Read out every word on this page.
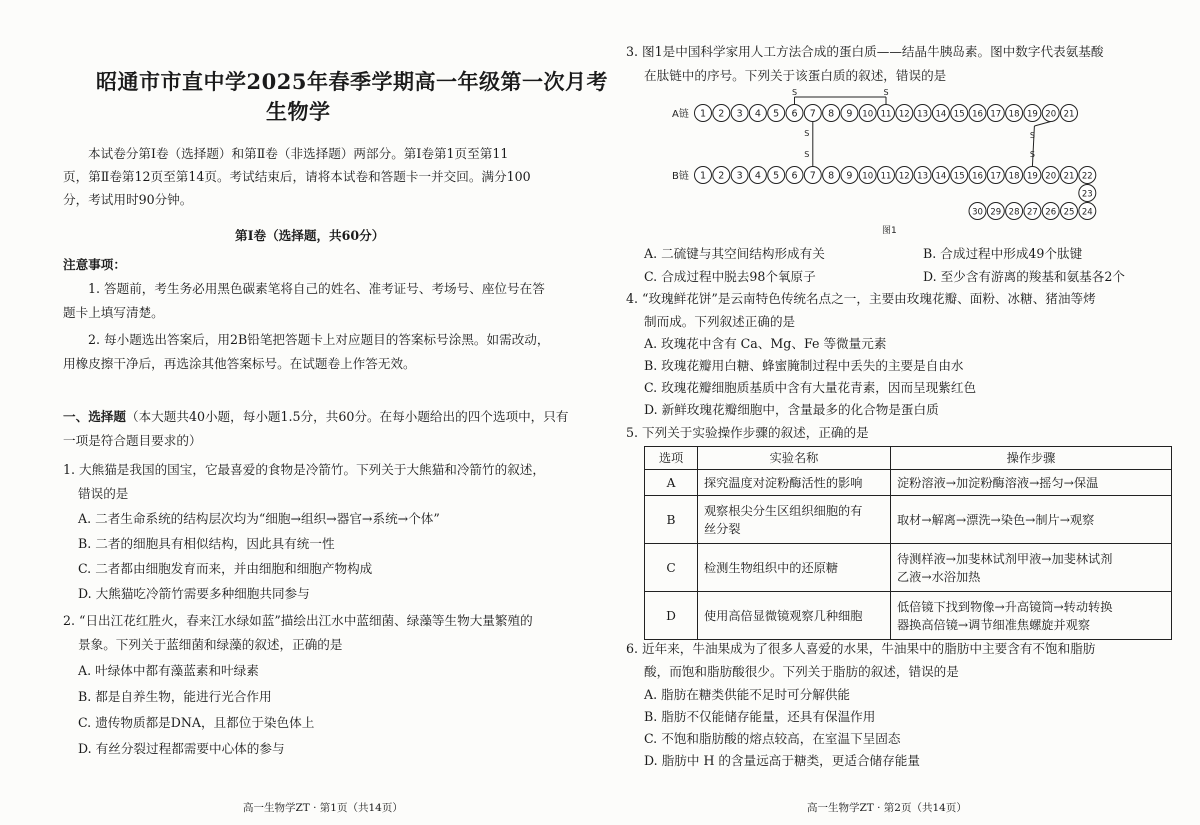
昭通市市直中学2025年春季学期高一年级第一次月考
生物学
本试卷分第Ⅰ卷（选择题）和第Ⅱ卷（非选择题）两部分。第Ⅰ卷第1页至第11
页，第Ⅱ卷第12页至第14页。考试结束后，请将本试卷和答题卡一并交回。满分100
分，考试用时90分钟。
第Ⅰ卷（选择题，共60分）
注意事项：
1. 答题前，考生务必用黑色碳素笔将自己的姓名、准考证号、考场号、座位号在答
题卡上填写清楚。
2. 每小题选出答案后，用2B铅笔把答题卡上对应题目的答案标号涂黑。如需改动，
用橡皮擦干净后，再选涂其他答案标号。在试题卷上作答无效。
一、选择题（本大题共40小题，每小题1.5分，共60分。在每小题给出的四个选项中，只有
一项是符合题目要求的）
1. 大熊猫是我国的国宝，它最喜爱的食物是冷箭竹。下列关于大熊猫和冷箭竹的叙述，
错误的是
A. 二者生命系统的结构层次均为“细胞→组织→器官→系统→个体”
B. 二者的细胞具有相似结构，因此具有统一性
C. 二者都由细胞发育而来，并由细胞和细胞产物构成
D. 大熊猫吃冷箭竹需要多种细胞共同参与
2. “日出江花红胜火，春来江水绿如蓝”描绘出江水中蓝细菌、绿藻等生物大量繁殖的
景象。下列关于蓝细菌和绿藻的叙述，正确的是
A. 叶绿体中都有藻蓝素和叶绿素
B. 都是自养生物，能进行光合作用
C. 遗传物质都是DNA，且都位于染色体上
D. 有丝分裂过程都需要中心体的参与
高一生物学ZT · 第1页（共14页）
3. 图1是中国科学家用人工方法合成的蛋白质——结晶牛胰岛素。图中数字代表氨基酸
在肽链中的序号。下列关于该蛋白质的叙述，错误的是
1 2 3 4 5 6 7 8 9 10 11 12 13 14 15 16 17 18 19 20 21
1 2 3 4 5 6 7 8 9 10 11 12 13 14 15 16 17 18 19 20 21 22
23
30 29 28 27 26 25 24
S	S
S
S
S
S
A链
B链
图1
A. 二硫键与其空间结构形成有关	B. 合成过程中形成49个肽键
C. 合成过程中脱去98个氧原子	D. 至少含有游离的羧基和氨基各2个
4. “玫瑰鲜花饼”是云南特色传统名点之一，主要由玫瑰花瓣、面粉、冰糖、猪油等烤
制而成。下列叙述正确的是
A. 玫瑰花中含有 Ca、Mg、Fe 等微量元素
B. 玫瑰花瓣用白糖、蜂蜜腌制过程中丢失的主要是自由水
C. 玫瑰花瓣细胞质基质中含有大量花青素，因而呈现紫红色
D. 新鲜玫瑰花瓣细胞中，含量最多的化合物是蛋白质
5. 下列关于实验操作步骤的叙述，正确的是
选项	实验名称	操作步骤
A	探究温度对淀粉酶活性的影响	淀粉溶液→加淀粉酶溶液→摇匀→保温
B	观察根尖分生区组织细胞的有
丝分裂	取材→解离→漂洗→染色→制片→观察
C	检测生物组织中的还原糖	待测样液→加斐林试剂甲液→加斐林试剂
乙液→水浴加热
D	使用高倍显微镜观察几种细胞	低倍镜下找到物像→升高镜筒→转动转换
器换高倍镜→调节细准焦螺旋并观察
6. 近年来，牛油果成为了很多人喜爱的水果，牛油果中的脂肪中主要含有不饱和脂肪
酸，而饱和脂肪酸很少。下列关于脂肪的叙述，错误的是
A. 脂肪在糖类供能不足时可分解供能
B. 脂肪不仅能储存能量，还具有保温作用
C. 不饱和脂肪酸的熔点较高，在室温下呈固态
D. 脂肪中 H 的含量远高于糖类，更适合储存能量
高一生物学ZT · 第2页（共14页）
